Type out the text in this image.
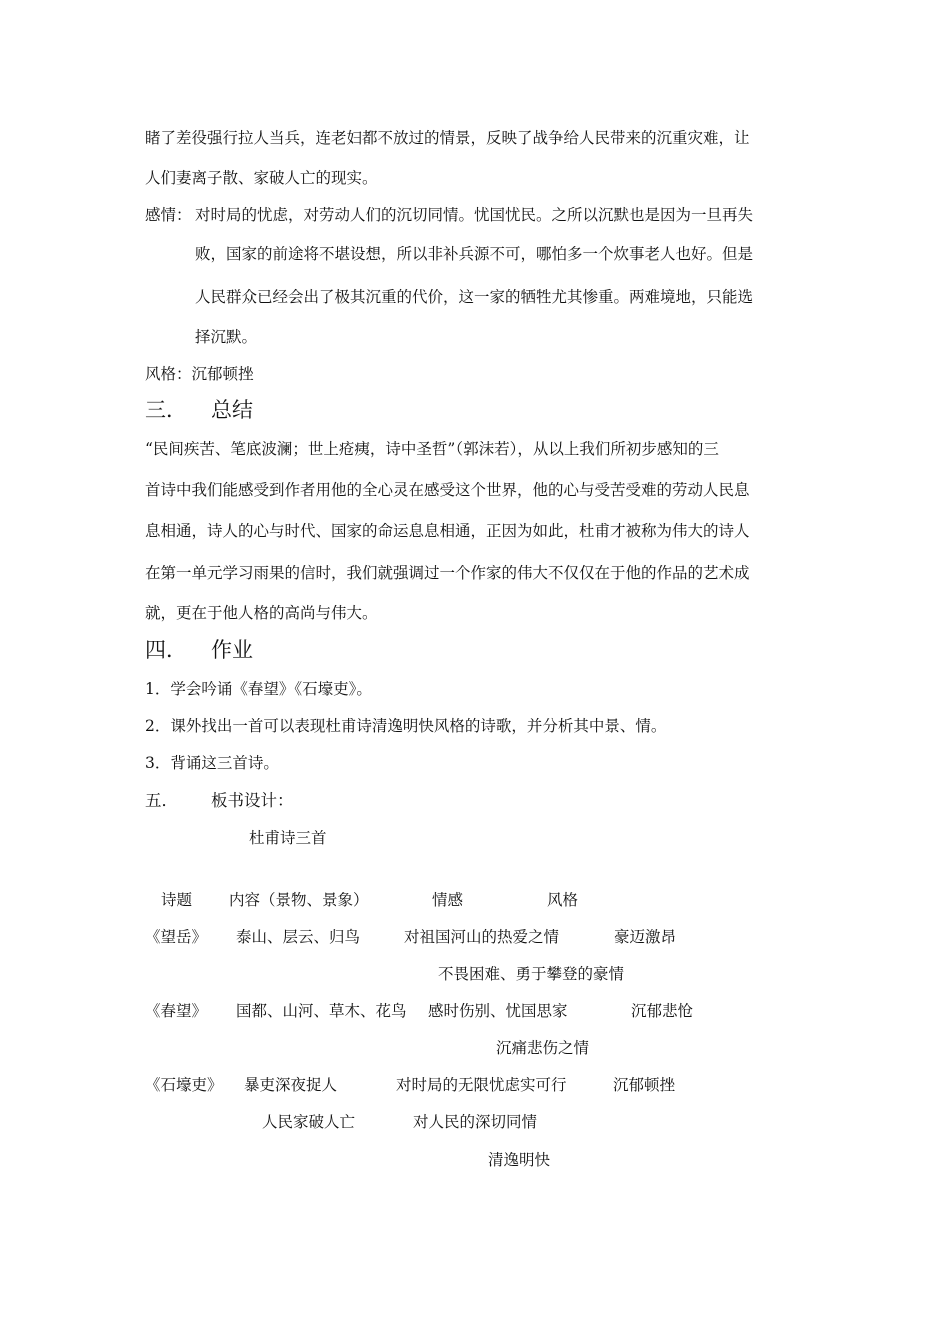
睹了差役强行拉人当兵，连老妇都不放过的情景，反映了战争给人民带来的沉重灾难，让
人们妻离子散、家破人亡的现实。
感情： 对时局的忧虑，对劳动人们的沉切同情。忧国忧民。之所以沉默也是因为一旦再失
败，国家的前途将不堪设想，所以非补兵源不可，哪怕多一个炊事老人也好。但是
人民群众已经会出了极其沉重的代价，这一家的牺牲尤其惨重。两难境地，只能选
择沉默。
风格：沉郁顿挫
三． 总结
“民间疾苦、笔底波澜；世上疮痍，诗中圣哲”（郭沫若），从以上我们所初步感知的三
首诗中我们能感受到作者用他的全心灵在感受这个世界，他的心与受苦受难的劳动人民息
息相通，诗人的心与时代、国家的命运息息相通，正因为如此，杜甫才被称为伟大的诗人
在第一单元学习雨果的信时，我们就强调过一个作家的伟大不仅仅在于他的作品的艺术成
就，更在于他人格的高尚与伟大。
四． 作业
1．学会吟诵《春望》《石壕吏》。
2．课外找出一首可以表现杜甫诗清逸明快风格的诗歌，并分析其中景、情。
3．背诵这三首诗。
五． 板书设计：
杜甫诗三首
诗题 内容（景物、景象）	情感	风格
《望岳》 泰山、层云、归鸟	对祖国河山的热爱之情	豪迈激昂
不畏困难、勇于攀登的豪情
《春望》 国都、山河、草木、花鸟 感时伤别、忧国思家	沉郁悲怆
沉痛悲伤之情
《石壕吏》 暴吏深夜捉人	对时局的无限忧虑实可行	沉郁顿挫
人民家破人亡	对人民的深切同情
清逸明快
